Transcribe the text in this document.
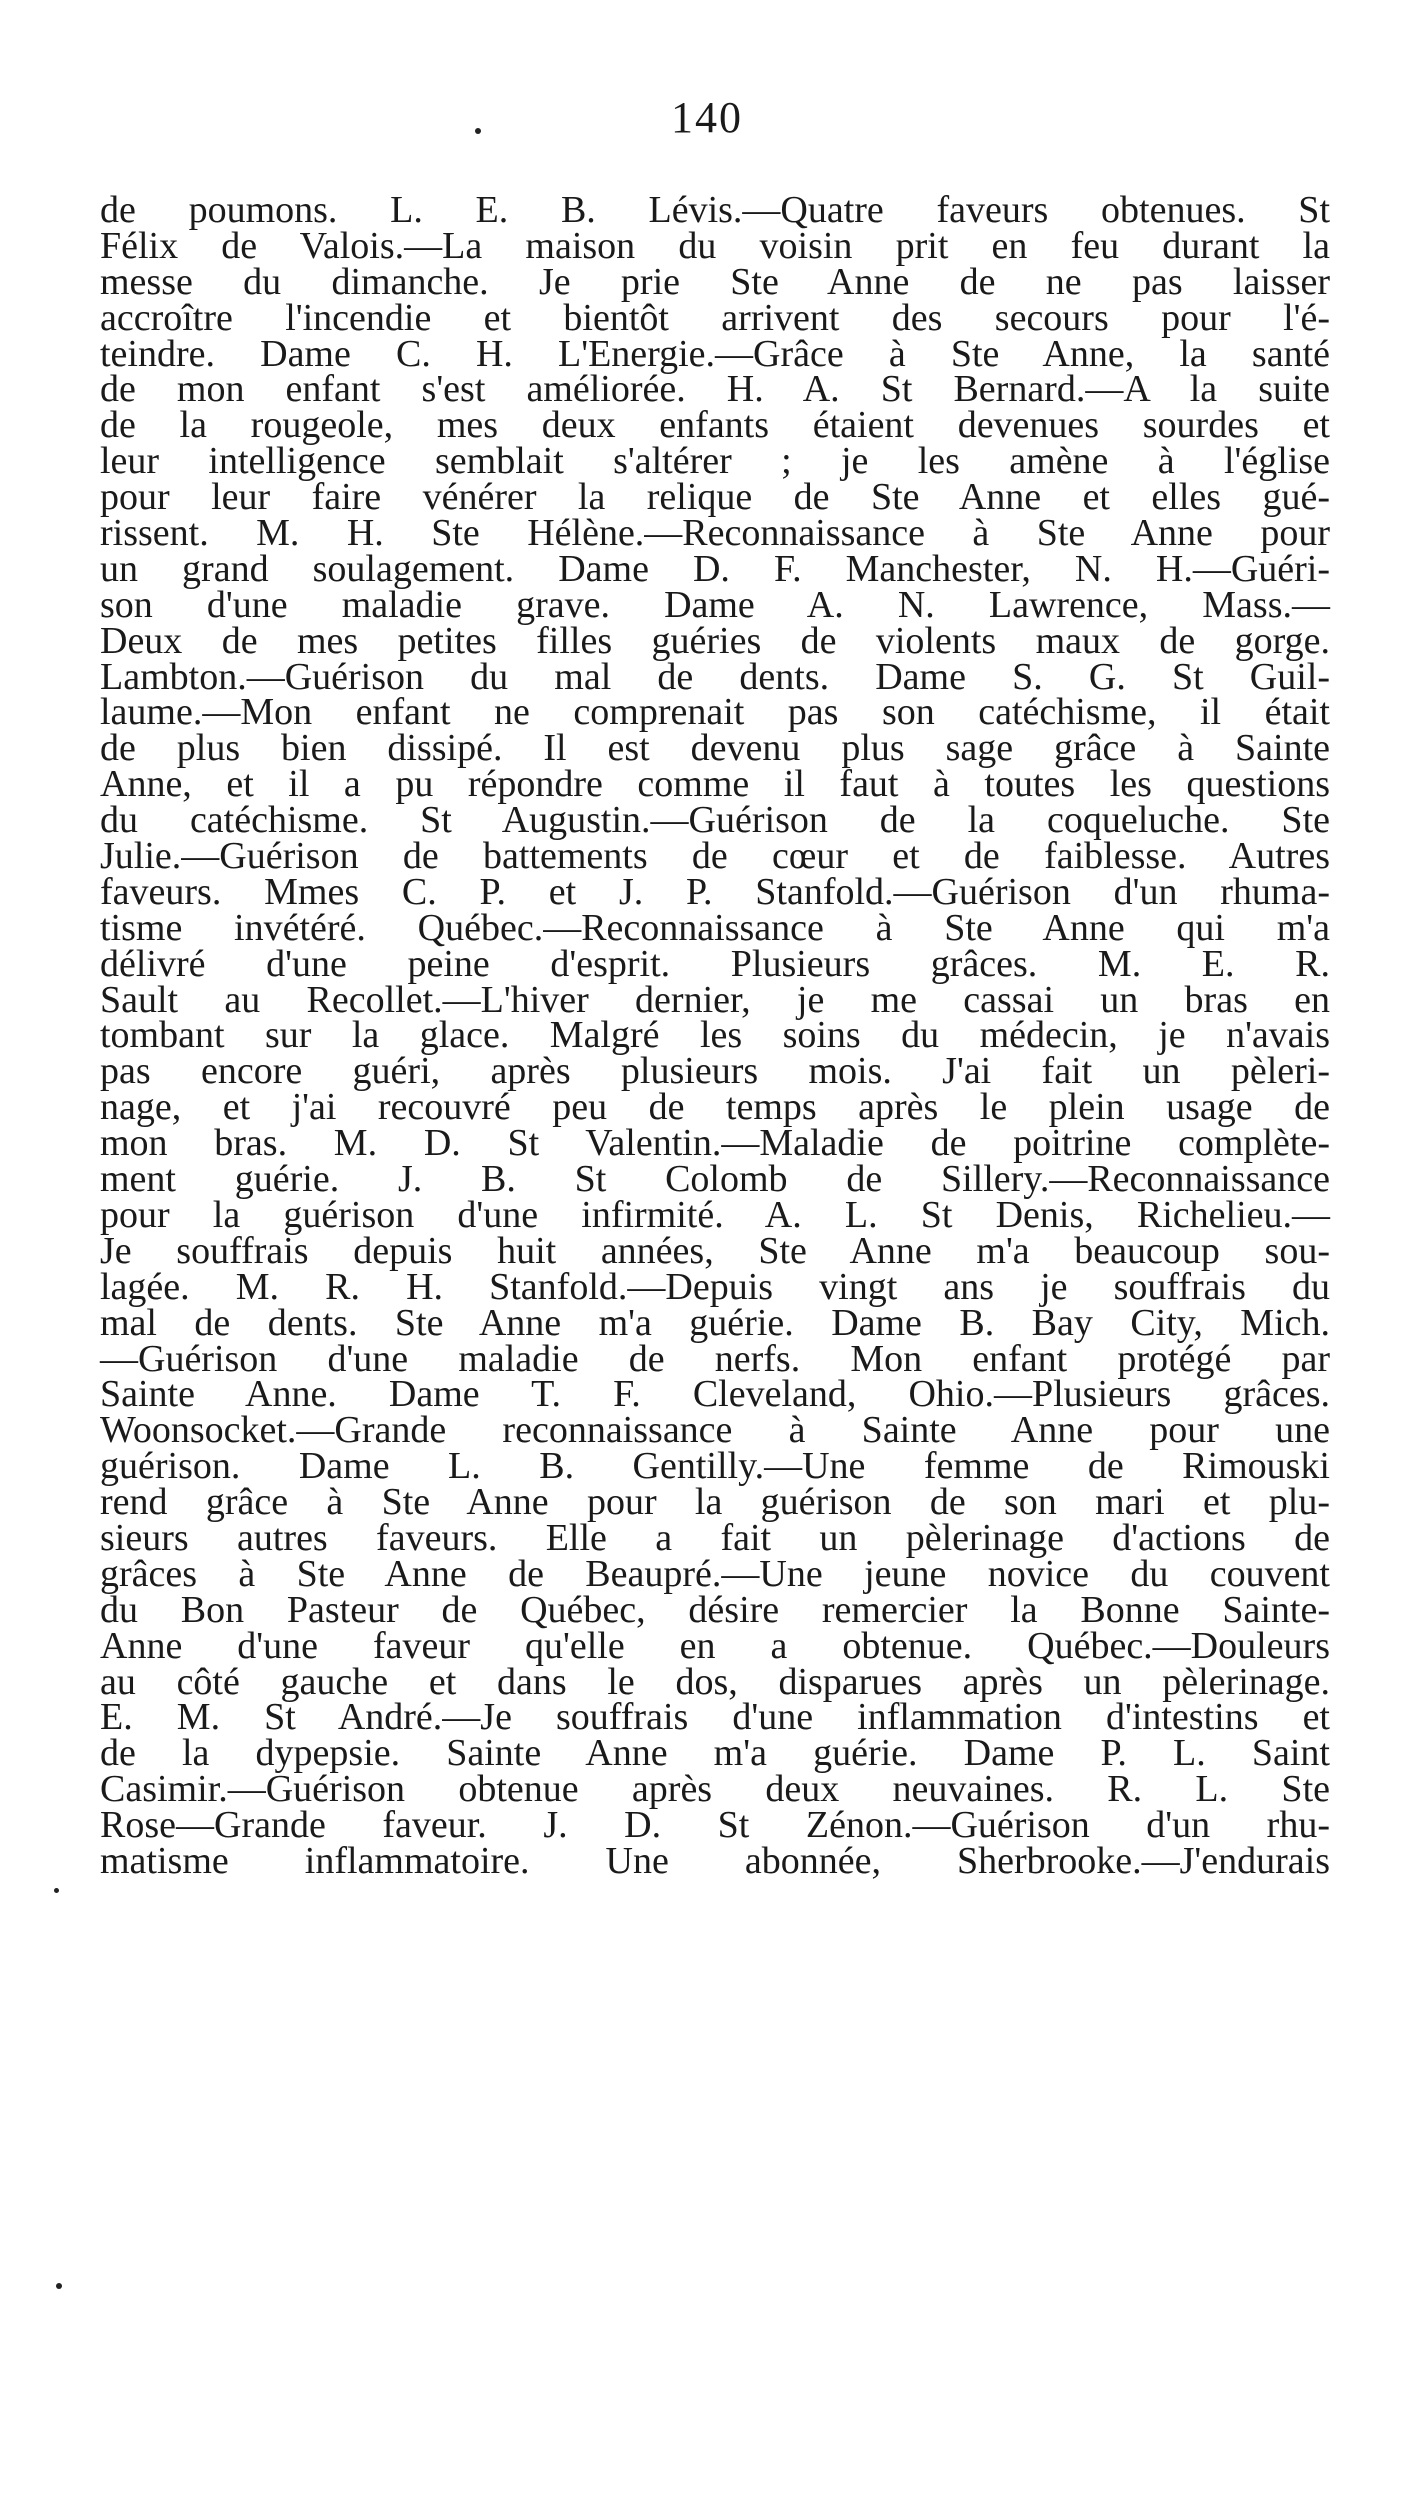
140
de poumons. L. E. B. Lévis.—Quatre faveurs obtenues. St
Félix de Valois.—La maison du voisin prit en feu durant la
messe du dimanche. Je prie Ste Anne de ne pas laisser
accroître l'incendie et bientôt arrivent des secours pour l'é-
teindre. Dame C. H. L'Energie.—Grâce à Ste Anne, la santé
de mon enfant s'est améliorée. H. A. St Bernard.—A la suite
de la rougeole, mes deux enfants étaient devenues sourdes et
leur intelligence semblait s'altérer ; je les amène à l'église
pour leur faire vénérer la relique de Ste Anne et elles gué-
rissent. M. H. Ste Hélène.—Reconnaissance à Ste Anne pour
un grand soulagement. Dame D. F. Manchester, N. H.—Guéri-
son d'une maladie grave. Dame A. N. Lawrence, Mass.—
Deux de mes petites filles guéries de violents maux de gorge.
Lambton.—Guérison du mal de dents. Dame S. G. St Guil-
laume.—Mon enfant ne comprenait pas son catéchisme, il était
de plus bien dissipé. Il est devenu plus sage grâce à Sainte
Anne, et il a pu répondre comme il faut à toutes les questions
du catéchisme. St Augustin.—Guérison de la coqueluche. Ste
Julie.—Guérison de battements de cœur et de faiblesse. Autres
faveurs. Mmes C. P. et J. P. Stanfold.—Guérison d'un rhuma-
tisme invétéré. Québec.—Reconnaissance à Ste Anne qui m'a
délivré d'une peine d'esprit. Plusieurs grâces. M. E. R.
Sault au Recollet.—L'hiver dernier, je me cassai un bras en
tombant sur la glace. Malgré les soins du médecin, je n'avais
pas encore guéri, après plusieurs mois. J'ai fait un pèleri-
nage, et j'ai recouvré peu de temps après le plein usage de
mon bras. M. D. St Valentin.—Maladie de poitrine complète-
ment guérie. J. B. St Colomb de Sillery.—Reconnaissance
pour la guérison d'une infirmité. A. L. St Denis, Richelieu.—
Je souffrais depuis huit années, Ste Anne m'a beaucoup sou-
lagée. M. R. H. Stanfold.—Depuis vingt ans je souffrais du
mal de dents. Ste Anne m'a guérie. Dame B. Bay City, Mich.
—Guérison d'une maladie de nerfs. Mon enfant protégé par
Sainte Anne. Dame T. F. Cleveland, Ohio.—Plusieurs grâces.
Woonsocket.—Grande reconnaissance à Sainte Anne pour une
guérison. Dame L. B. Gentilly.—Une femme de Rimouski
rend grâce à Ste Anne pour la guérison de son mari et plu-
sieurs autres faveurs. Elle a fait un pèlerinage d'actions de
grâces à Ste Anne de Beaupré.—Une jeune novice du couvent
du Bon Pasteur de Québec, désire remercier la Bonne Sainte-
Anne d'une faveur qu'elle en a obtenue. Québec.—Douleurs
au côté gauche et dans le dos, disparues après un pèlerinage.
E. M. St André.—Je souffrais d'une inflammation d'intestins et
de la dypepsie. Sainte Anne m'a guérie. Dame P. L. Saint
Casimir.—Guérison obtenue après deux neuvaines. R. L. Ste
Rose—Grande faveur. J. D. St Zénon.—Guérison d'un rhu-
matisme inflammatoire. Une abonnée, Sherbrooke.—J'endurais
